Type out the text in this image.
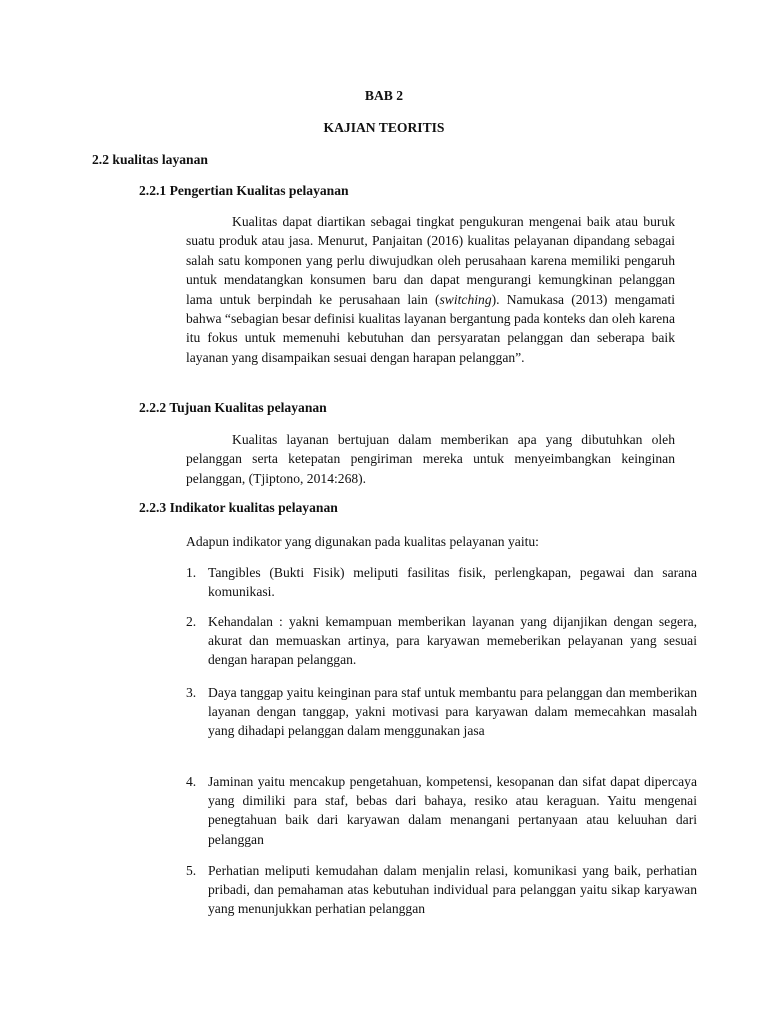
BAB 2
KAJIAN TEORITIS
2.2 kualitas layanan
2.2.1 Pengertian Kualitas pelayanan
Kualitas dapat diartikan sebagai tingkat pengukuran mengenai baik atau buruk suatu produk atau jasa. Menurut, Panjaitan (2016) kualitas pelayanan dipandang sebagai salah satu komponen yang perlu diwujudkan oleh perusahaan karena memiliki pengaruh untuk mendatangkan konsumen baru dan dapat mengurangi kemungkinan pelanggan lama untuk berpindah ke perusahaan lain (switching). Namukasa (2013) mengamati bahwa “sebagian besar definisi kualitas layanan bergantung pada konteks dan oleh karena itu fokus untuk memenuhi kebutuhan dan persyaratan pelanggan dan seberapa baik layanan yang disampaikan sesuai dengan harapan pelanggan”.
2.2.2 Tujuan Kualitas pelayanan
Kualitas layanan bertujuan dalam memberikan apa yang dibutuhkan oleh pelanggan serta ketepatan pengiriman mereka untuk menyeimbangkan keinginan pelanggan, (Tjiptono, 2014:268).
2.2.3 Indikator kualitas pelayanan
Adapun indikator yang digunakan pada kualitas pelayanan yaitu:
1. Tangibles (Bukti Fisik) meliputi fasilitas fisik, perlengkapan, pegawai dan sarana komunikasi.
2. Kehandalan : yakni kemampuan memberikan layanan yang dijanjikan dengan segera, akurat dan memuaskan artinya, para karyawan memeberikan pelayanan yang sesuai dengan harapan pelanggan.
3. Daya tanggap yaitu keinginan para staf untuk membantu para pelanggan dan memberikan layanan dengan tanggap, yakni motivasi para karyawan dalam memecahkan masalah yang dihadapi pelanggan dalam menggunakan jasa
4. Jaminan yaitu mencakup pengetahuan, kompetensi, kesopanan dan sifat dapat dipercaya yang dimiliki para staf, bebas dari bahaya, resiko atau keraguan. Yaitu mengenai penegtahuan baik dari karyawan dalam menangani pertanyaan atau keluuhan dari pelanggan
5. Perhatian meliputi kemudahan dalam menjalin relasi, komunikasi yang baik, perhatian pribadi, dan pemahaman atas kebutuhan individual para pelanggan yaitu sikap karyawan yang menunjukkan perhatian pelanggan
